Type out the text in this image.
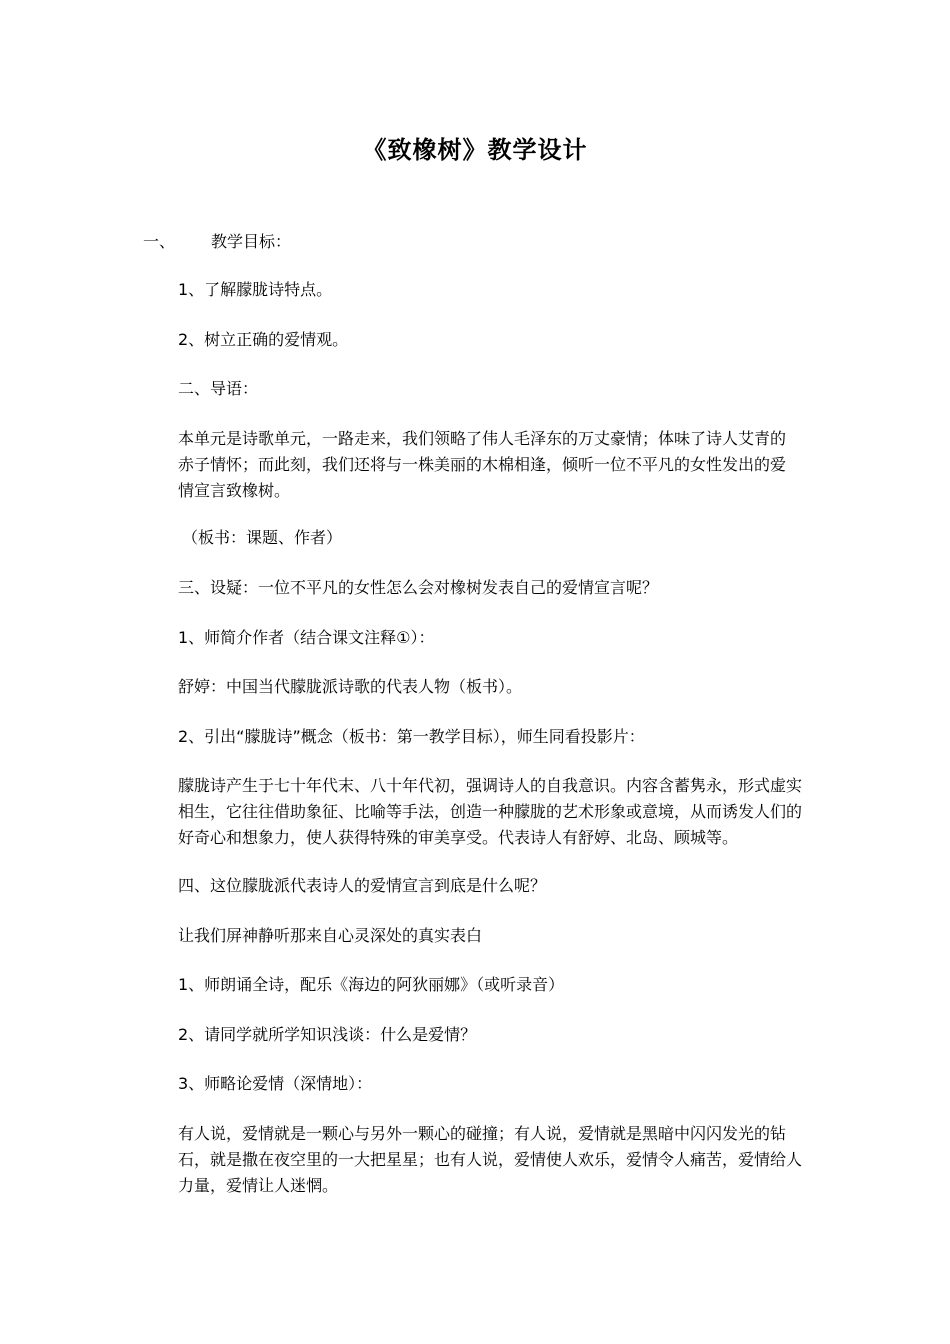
《致橡树》教学设计
一、 教学目标：
1、了解朦胧诗特点。
2、树立正确的爱情观。
二、导语：
本单元是诗歌单元，一路走来，我们领略了伟人毛泽东的万丈豪情；体味了诗人艾青的
赤子情怀；而此刻，我们还将与一株美丽的木棉相逢，倾听一位不平凡的女性发出的爱
情宣言致橡树。
（板书：课题、作者）
三、设疑：一位不平凡的女性怎么会对橡树发表自己的爱情宣言呢？
1、师简介作者（结合课文注释①）：
舒婷：中国当代朦胧派诗歌的代表人物（板书）。
2、引出“朦胧诗”概念（板书：第一教学目标），师生同看投影片：
朦胧诗产生于七十年代末、八十年代初，强调诗人的自我意识。内容含蓄隽永，形式虚实
相生，它往往借助象征、比喻等手法，创造一种朦胧的艺术形象或意境，从而诱发人们的
好奇心和想象力，使人获得特殊的审美享受。代表诗人有舒婷、北岛、顾城等。
四、这位朦胧派代表诗人的爱情宣言到底是什么呢？
让我们屏神静听那来自心灵深处的真实表白
1、师朗诵全诗，配乐《海边的阿狄丽娜》（或听录音）
2、请同学就所学知识浅谈：什么是爱情？
3、师略论爱情（深情地）：
有人说，爱情就是一颗心与另外一颗心的碰撞；有人说，爱情就是黑暗中闪闪发光的钻
石，就是撒在夜空里的一大把星星；也有人说，爱情使人欢乐，爱情令人痛苦，爱情给人
力量，爱情让人迷惘。
